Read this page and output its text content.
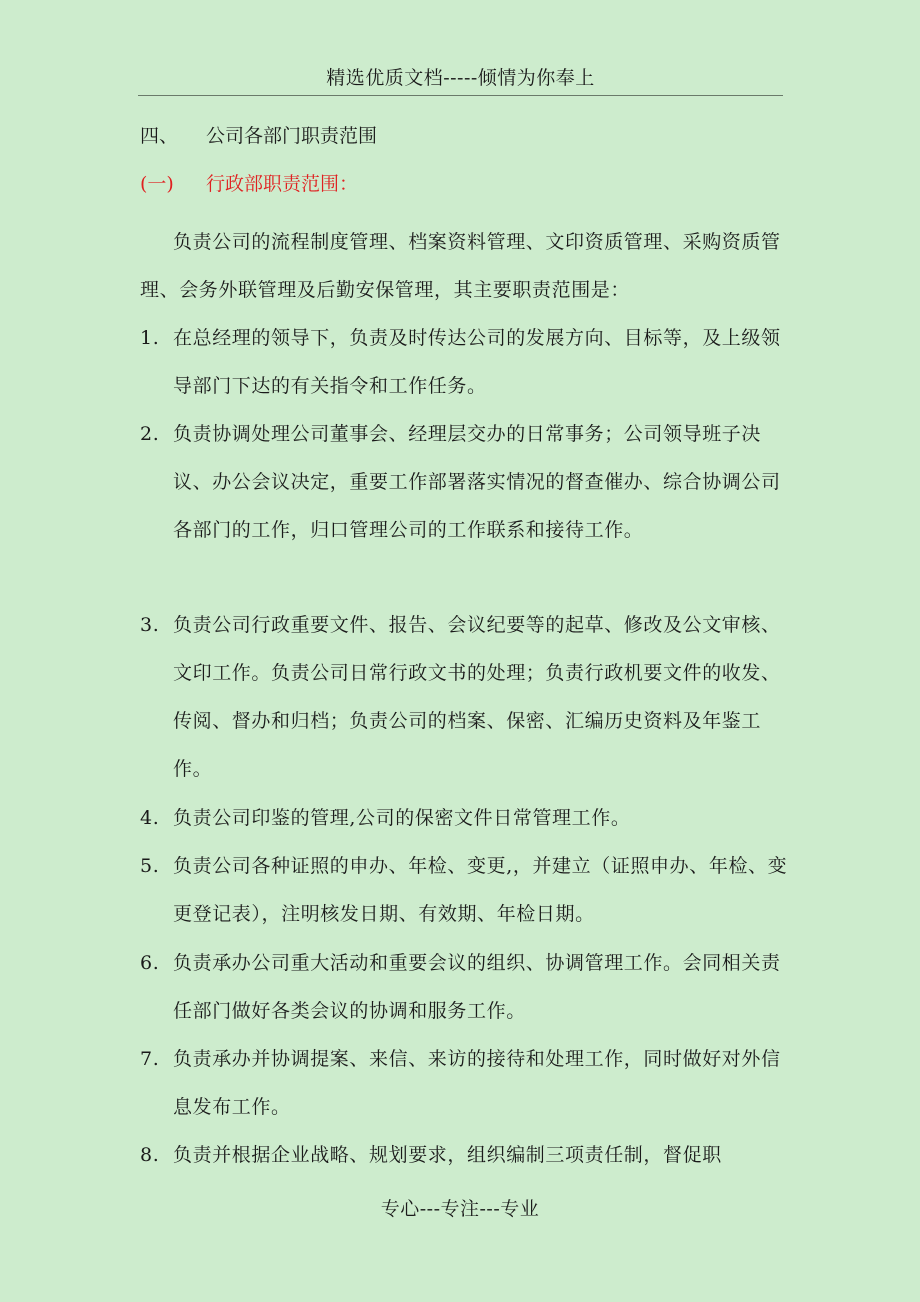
精选优质文档-----倾情为你奉上
四、 公司各部门职责范围
(一) 行政部职责范围：
负责公司的流程制度管理、档案资料管理、文印资质管理、采购资质管理、会务外联管理及后勤安保管理，其主要职责范围是：
1. 在总经理的领导下，负责及时传达公司的发展方向、目标等，及上级领导部门下达的有关指令和工作任务。
2. 负责协调处理公司董事会、经理层交办的日常事务；公司领导班子决议、办公会议决定，重要工作部署落实情况的督查催办、综合协调公司各部门的工作，归口管理公司的工作联系和接待工作。
3. 负责公司行政重要文件、报告、会议纪要等的起草、修改及公文审核、文印工作。负责公司日常行政文书的处理；负责行政机要文件的收发、传阅、督办和归档；负责公司的档案、保密、汇编历史资料及年鉴工作。
4. 负责公司印鉴的管理,公司的保密文件日常管理工作。
5. 负责公司各种证照的申办、年检、变更,，并建立（证照申办、年检、变更登记表），注明核发日期、有效期、年检日期。
6. 负责承办公司重大活动和重要会议的组织、协调管理工作。会同相关责任部门做好各类会议的协调和服务工作。
7. 负责承办并协调提案、来信、来访的接待和处理工作，同时做好对外信息发布工作。
8. 负责并根据企业战略、规划要求，组织编制三项责任制，督促职
专心---专注---专业
